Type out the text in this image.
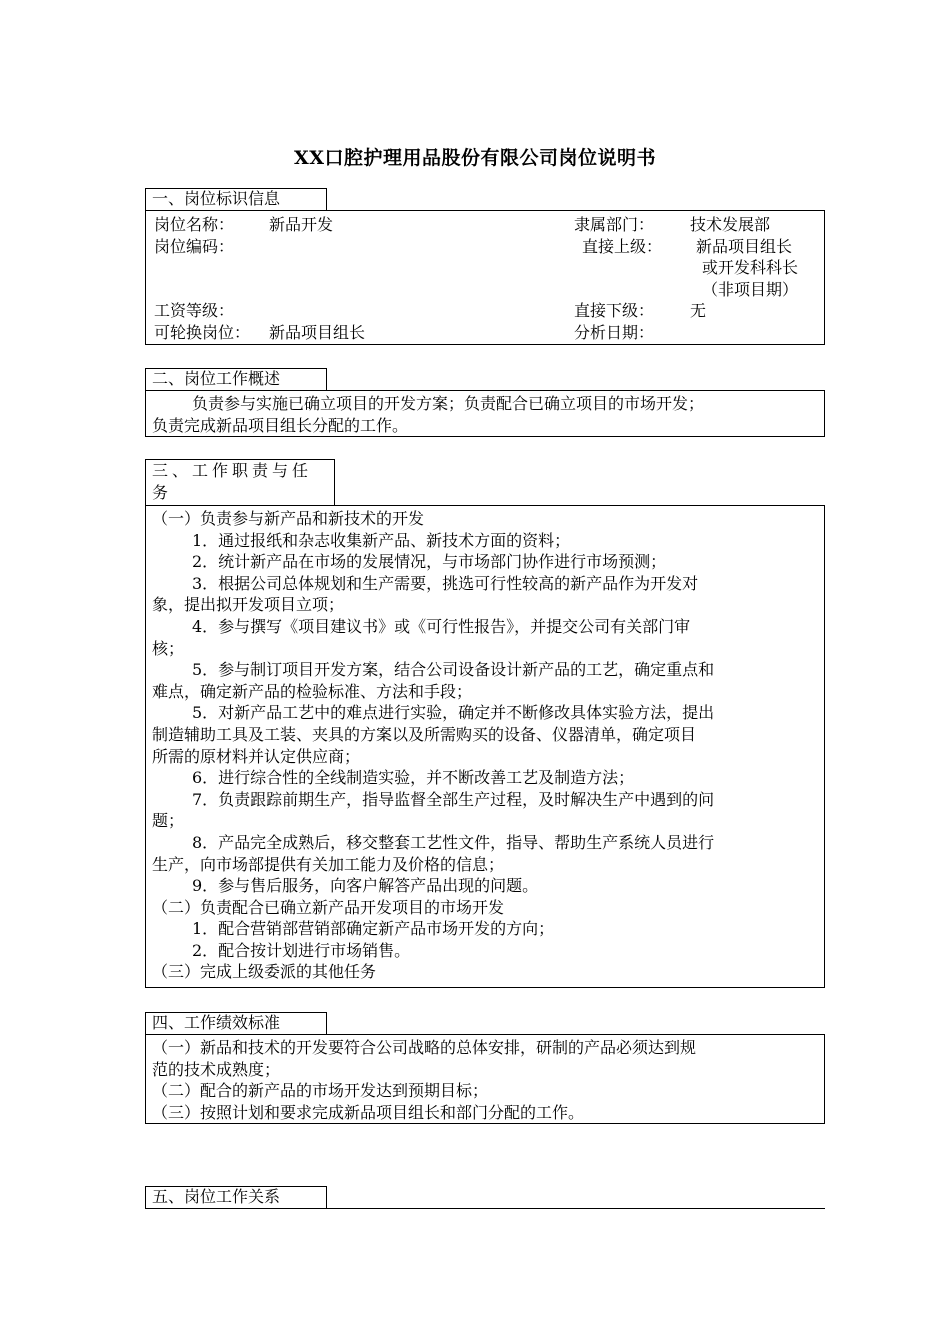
XX口腔护理用品股份有限公司岗位说明书
一、岗位标识信息
岗位名称： 新品开发	隶属部门： 技术发展部
岗位编码：	直接上级： 新品项目组长
或开发科科长
（非项目期）
工资等级：	直接下级： 无
可轮换岗位： 新品项目组长	分析日期：
二、岗位工作概述
负责参与实施已确立项目的开发方案；负责配合已确立项目的市场开发；
负责完成新品项目组长分配的工作。
三、工作职责与任
务
（一）负责参与新产品和新技术的开发
1．通过报纸和杂志收集新产品、新技术方面的资料；
2．统计新产品在市场的发展情况，与市场部门协作进行市场预测；
3．根据公司总体规划和生产需要，挑选可行性较高的新产品作为开发对
象，提出拟开发项目立项；
4．参与撰写《项目建议书》或《可行性报告》，并提交公司有关部门审
核；
5．参与制订项目开发方案，结合公司设备设计新产品的工艺，确定重点和
难点，确定新产品的检验标准、方法和手段；
5．对新产品工艺中的难点进行实验，确定并不断修改具体实验方法，提出
制造辅助工具及工装、夹具的方案以及所需购买的设备、仪器清单，确定项目
所需的原材料并认定供应商；
6．进行综合性的全线制造实验，并不断改善工艺及制造方法；
7．负责跟踪前期生产，指导监督全部生产过程，及时解决生产中遇到的问
题；
8．产品完全成熟后，移交整套工艺性文件，指导、帮助生产系统人员进行
生产，向市场部提供有关加工能力及价格的信息；
9．参与售后服务，向客户解答产品出现的问题。
（二）负责配合已确立新产品开发项目的市场开发
1．配合营销部营销部确定新产品市场开发的方向；
2．配合按计划进行市场销售。
（三）完成上级委派的其他任务
四、工作绩效标准
（一）新品和技术的开发要符合公司战略的总体安排，研制的产品必须达到规
范的技术成熟度；
（二）配合的新产品的市场开发达到预期目标；
（三）按照计划和要求完成新品项目组长和部门分配的工作。
五、岗位工作关系
